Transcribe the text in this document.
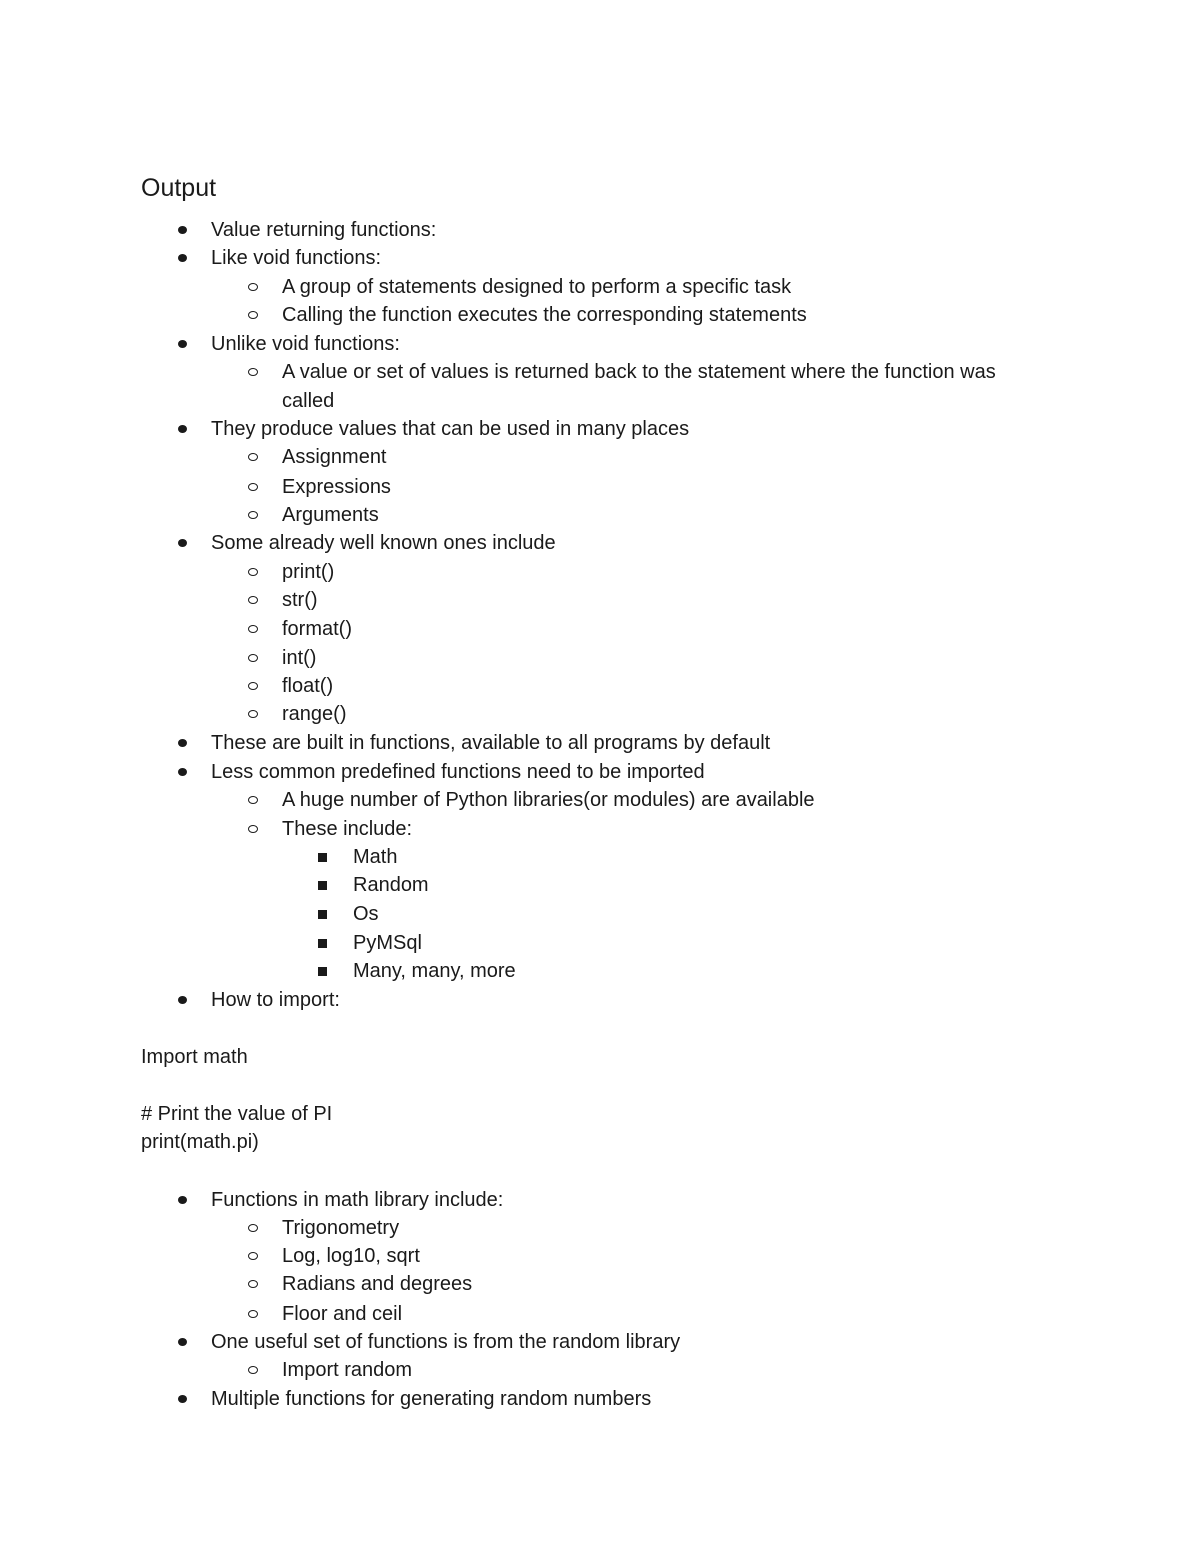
Output
Value returning functions:
Like void functions:
A group of statements designed to perform a specific task
Calling the function executes the corresponding statements
Unlike void functions:
A value or set of values is returned back to the statement where the function was
called
They produce values that can be used in many places
Assignment
Expressions
Arguments
Some already well known ones include
print()
str()
format()
int()
float()
range()
These are built in functions, available to all programs by default
Less common predefined functions need to be imported
A huge number of Python libraries(or modules) are available
These include:
Math
Random
Os
PyMSql
Many, many, more
How to import:
Import math
# Print the value of PI
print(math.pi)
Functions in math library include:
Trigonometry
Log, log10, sqrt
Radians and degrees
Floor and ceil
One useful set of functions is from the random library
Import random
Multiple functions for generating random numbers
